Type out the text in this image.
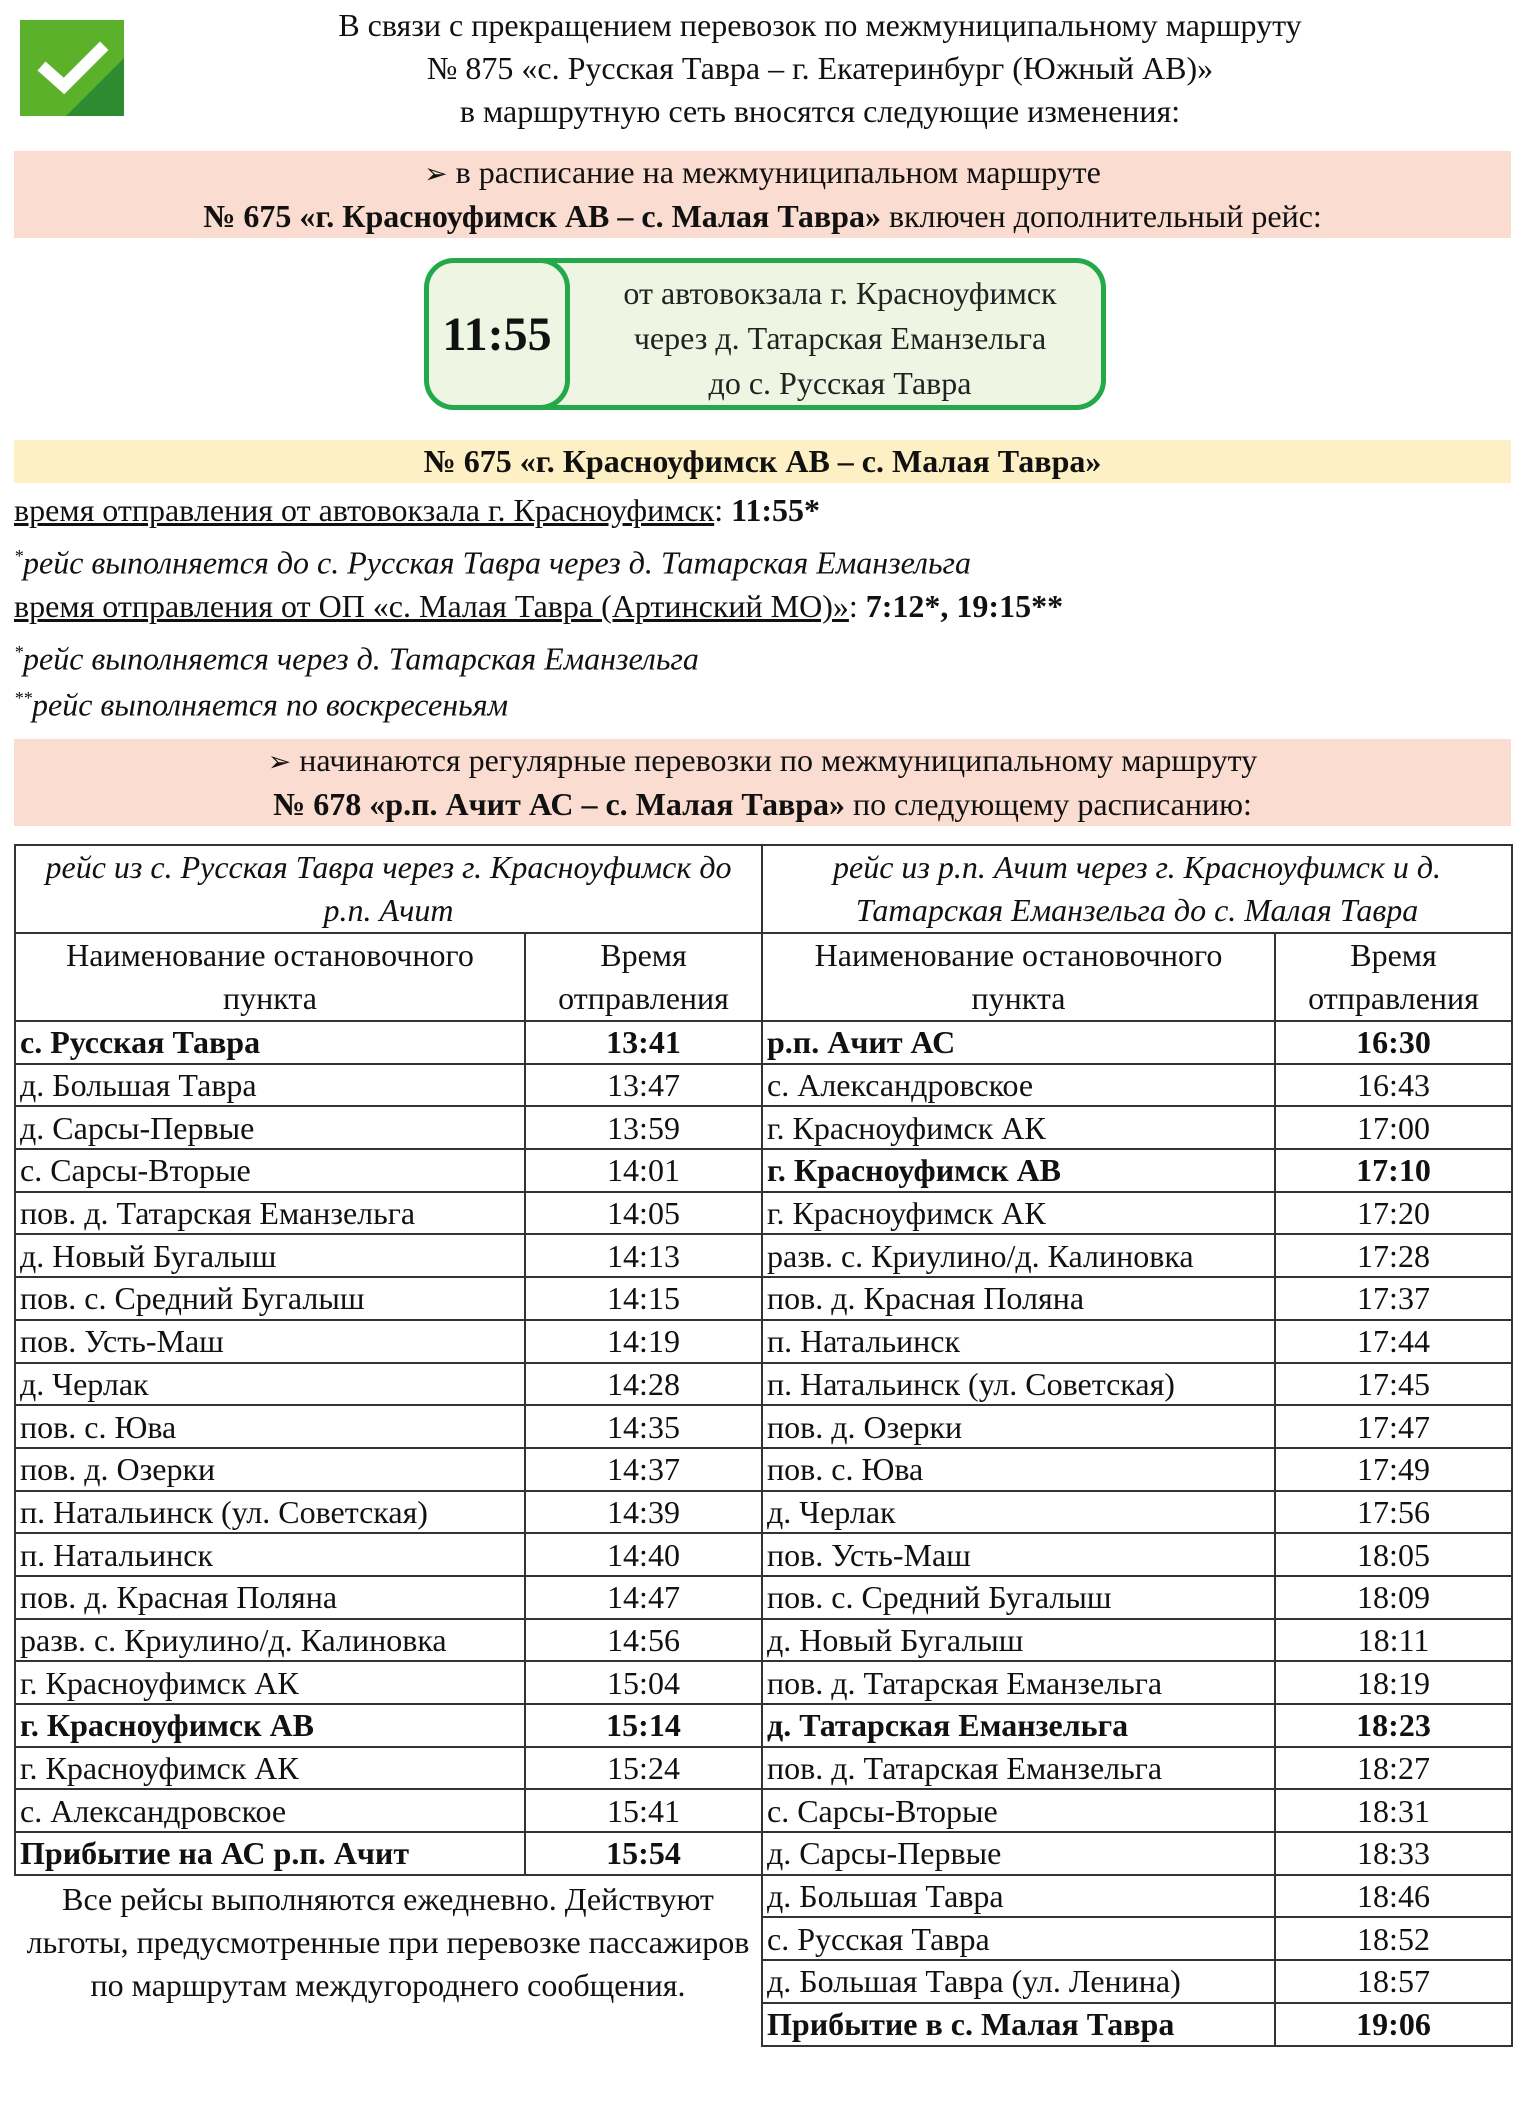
В связи с прекращением перевозок по межмуниципальному маршруту
№ 875 «с. Русская Тавра – г. Екатеринбург (Южный АВ)»
в маршрутную сеть вносятся следующие изменения:
➢ в расписание на межмуниципальном маршруте
№ 675 «г. Красноуфимск АВ – с. Малая Тавра» включен дополнительный рейс:
11:55
от автовокзала г. Красноуфимск
через д. Татарская Еманзельга
до с. Русская Тавра
№ 675 «г. Красноуфимск АВ – с. Малая Тавра»
время отправления от автовокзала г. Красноуфимск: 11:55*
*рейс выполняется до с. Русская Тавра через д. Татарская Еманзельга
время отправления от ОП «с. Малая Тавра (Артинский МО)»: 7:12*, 19:15**
*рейс выполняется через д. Татарская Еманзельга
**рейс выполняется по воскресеньям
➢ начинаются регулярные перевозки по межмуниципальному маршруту
№ 678 «р.п. Ачит АС – с. Малая Тавра» по следующему расписанию:
рейс из с. Русская Тавра через г. Красноуфимск до р.п. Ачит		рейс из р.п. Ачит через г. Красноуфимск и д. Татарская Еманзельга до с. Малая Тавра	
Наименование остановочного пункта	Время отправления	Наименование остановочного пункта	Время отправления
с. Русская Тавра	13:41	р.п. Ачит АС	16:30
д. Большая Тавра	13:47	с. Александровское	16:43
д. Сарсы-Первые	13:59	г. Красноуфимск АК	17:00
с. Сарсы-Вторые	14:01	г. Красноуфимск АВ	17:10
пов. д. Татарская Еманзельга	14:05	г. Красноуфимск АК	17:20
д. Новый Бугалыш	14:13	разв. с. Криулино/д. Калиновка	17:28
пов. с. Средний Бугалыш	14:15	пов. д. Красная Поляна	17:37
пов. Усть-Маш	14:19	п. Натальинск	17:44
д. Черлак	14:28	п. Натальинск (ул. Советская)	17:45
пов. с. Юва	14:35	пов. д. Озерки	17:47
пов. д. Озерки	14:37	пов. с. Юва	17:49
п. Натальинск (ул. Советская)	14:39	д. Черлак	17:56
п. Натальинск	14:40	пов. Усть-Маш	18:05
пов. д. Красная Поляна	14:47	пов. с. Средний Бугалыш	18:09
разв. с. Криулино/д. Калиновка	14:56	д. Новый Бугалыш	18:11
г. Красноуфимск АК	15:04	пов. д. Татарская Еманзельга	18:19
г. Красноуфимск АВ	15:14	д. Татарская Еманзельга	18:23
г. Красноуфимск АК	15:24	пов. д. Татарская Еманзельга	18:27
с. Александровское	15:41	с. Сарсы-Вторые	18:31
Прибытие на АС р.п. Ачит	15:54	д. Сарсы-Первые	18:33
Все рейсы выполняются ежедневно. Действуют льготы, предусмотренные при перевозке пассажиров по маршрутам междугороднего сообщения.		д. Большая Тавра	18:46
		с. Русская Тавра	18:52
		д. Большая Тавра (ул. Ленина)	18:57
		Прибытие в с. Малая Тавра	19:06
